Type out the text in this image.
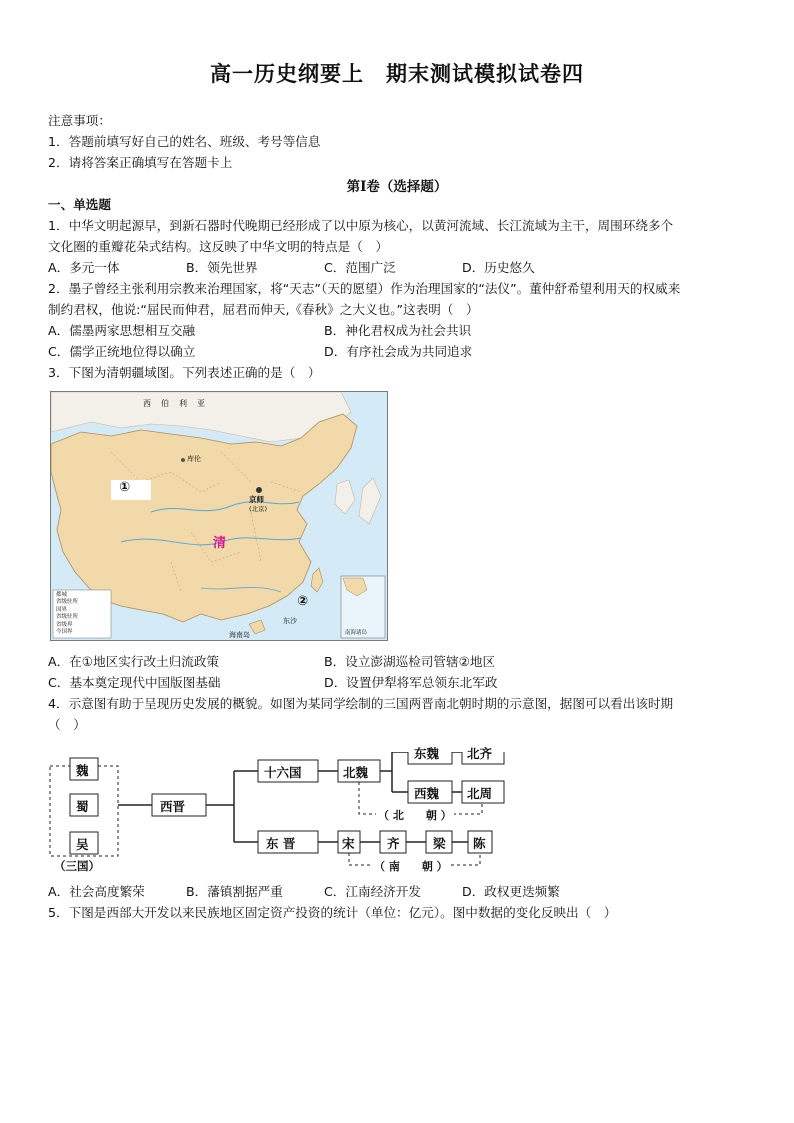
高一历史纲要上　期末测试模拟试卷四
注意事项：
1．答题前填写好自己的姓名、班级、考号等信息
2．请将答案正确填写在答题卡上
第I卷（选择题）
一、单选题
1．中华文明起源早，到新石器时代晚期已经形成了以中原为核心，以黄河流域、长江流域为主干，周围环绕多个
文化圈的重瓣花朵式结构。这反映了中华文明的特点是（　）
A．多元一体	B．领先世界	C．范围广泛	D．历史悠久
2．墨子曾经主张利用宗教来治理国家，将“天志”（天的愿望）作为治理国家的“法仪”。董仲舒希望利用天的权威来
制约君权，他说:“屈民而伸君，屈君而伸天,《春秋》之大义也。”这表明（　）
A．儒墨两家思想相互交融	B．神化君权成为社会共识
C．儒学正统地位得以确立	D．有序社会成为共同追求
3．下图为清朝疆域图。下列表述正确的是（　）
西　伯　利　亚
库伦
①
京师
(北京)
清
②
东沙
海南岛	南海诸岛
都城
省级驻所
国界
省级驻所
省级界
今国界
A．在①地区实行改土归流政策	B．设立澎湖巡检司管辖②地区
C．基本奠定现代中国版图基础	D．设置伊犁将军总领东北军政
4．示意图有助于呈现历史发展的概貌。如图为某同学绘制的三国两晋南北朝时期的示意图，据图可以看出该时期
（　）
魏
蜀
吴
（三国）
西晋
十六国	北魏
东魏 北齐
西魏 北周
（ 北　　朝 ）
东 晋	宋	齐	梁 陈
（ 南　　朝 ）
A．社会高度繁荣	B．藩镇割据严重	C．江南经济开发	D．政权更迭频繁
5．下图是西部大开发以来民族地区固定资产投资的统计（单位：亿元）。图中数据的变化反映出（　）
